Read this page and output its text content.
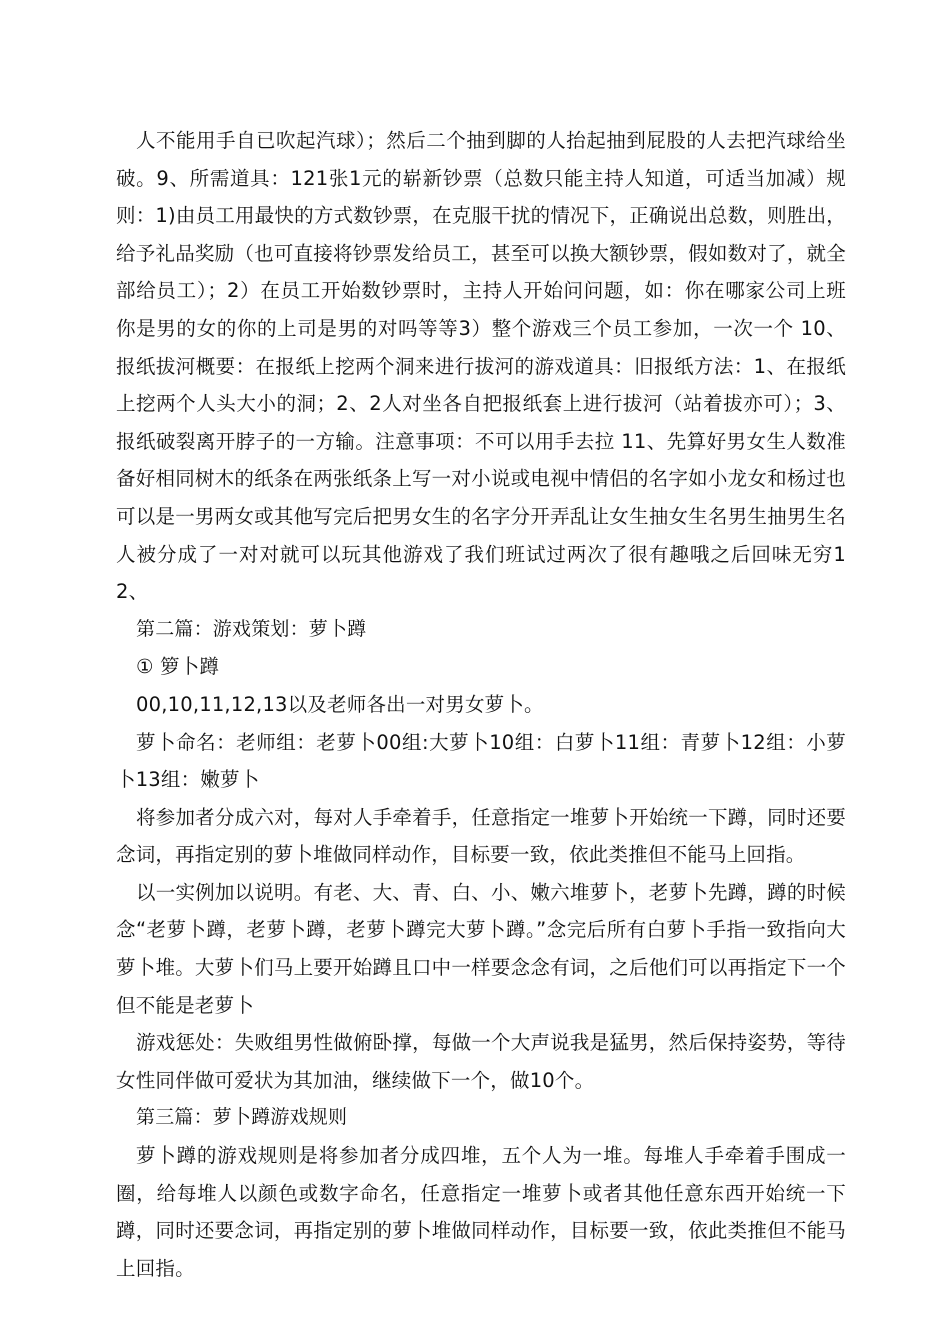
人不能用手自已吹起汽球）；然后二个抽到脚的人抬起抽到屁股的人去把汽球给坐破。9、所需道具：121张1元的崭新钞票（总数只能主持人知道，可适当加减）规则：1)由员工用最快的方式数钞票，在克服干扰的情况下，正确说出总数，则胜出，给予礼品奖励（也可直接将钞票发给员工，甚至可以换大额钞票，假如数对了，就全部给员工）；2）在员工开始数钞票时，主持人开始问问题，如：你在哪家公司上班你是男的女的你的上司是男的对吗等等3）整个游戏三个员工参加，一次一个 10、报纸拔河概要：在报纸上挖两个洞来进行拔河的游戏道具：旧报纸方法：1、在报纸上挖两个人头大小的洞；2、2人对坐各自把报纸套上进行拔河（站着拔亦可）；3、报纸破裂离开脖子的一方输。注意事项：不可以用手去拉 11、先算好男女生人数准备好相同树木的纸条在两张纸条上写一对小说或电视中情侣的名字如小龙女和杨过也可以是一男两女或其他写完后把男女生的名字分开弄乱让女生抽女生名男生抽男生名人被分成了一对对就可以玩其他游戏了我们班试过两次了很有趣哦之后回味无穷12、

第二篇：游戏策划：萝卜蹲

① 箩卜蹲

00,10,11,12,13以及老师各出一对男女萝卜。

萝卜命名：老师组：老萝卜00组:大萝卜10组：白萝卜11组：青萝卜12组：小萝卜13组：嫩萝卜

将参加者分成六对，每对人手牵着手，任意指定一堆萝卜开始统一下蹲，同时还要念词，再指定别的萝卜堆做同样动作，目标要一致，依此类推但不能马上回指。

以一实例加以说明。有老、大、青、白、小、嫩六堆萝卜，老萝卜先蹲，蹲的时候念“老萝卜蹲，老萝卜蹲，老萝卜蹲完大萝卜蹲。”念完后所有白萝卜手指一致指向大萝卜堆。大萝卜们马上要开始蹲且口中一样要念念有词，之后他们可以再指定下一个但不能是老萝卜

游戏惩处：失败组男性做俯卧撑，每做一个大声说我是猛男，然后保持姿势，等待女性同伴做可爱状为其加油，继续做下一个，做10个。

第三篇：萝卜蹲游戏规则

萝卜蹲的游戏规则是将参加者分成四堆，五个人为一堆。每堆人手牵着手围成一圈，给每堆人以颜色或数字命名，任意指定一堆萝卜或者其他任意东西开始统一下蹲，同时还要念词，再指定别的萝卜堆做同样动作，目标要一致，依此类推但不能马上回指。
